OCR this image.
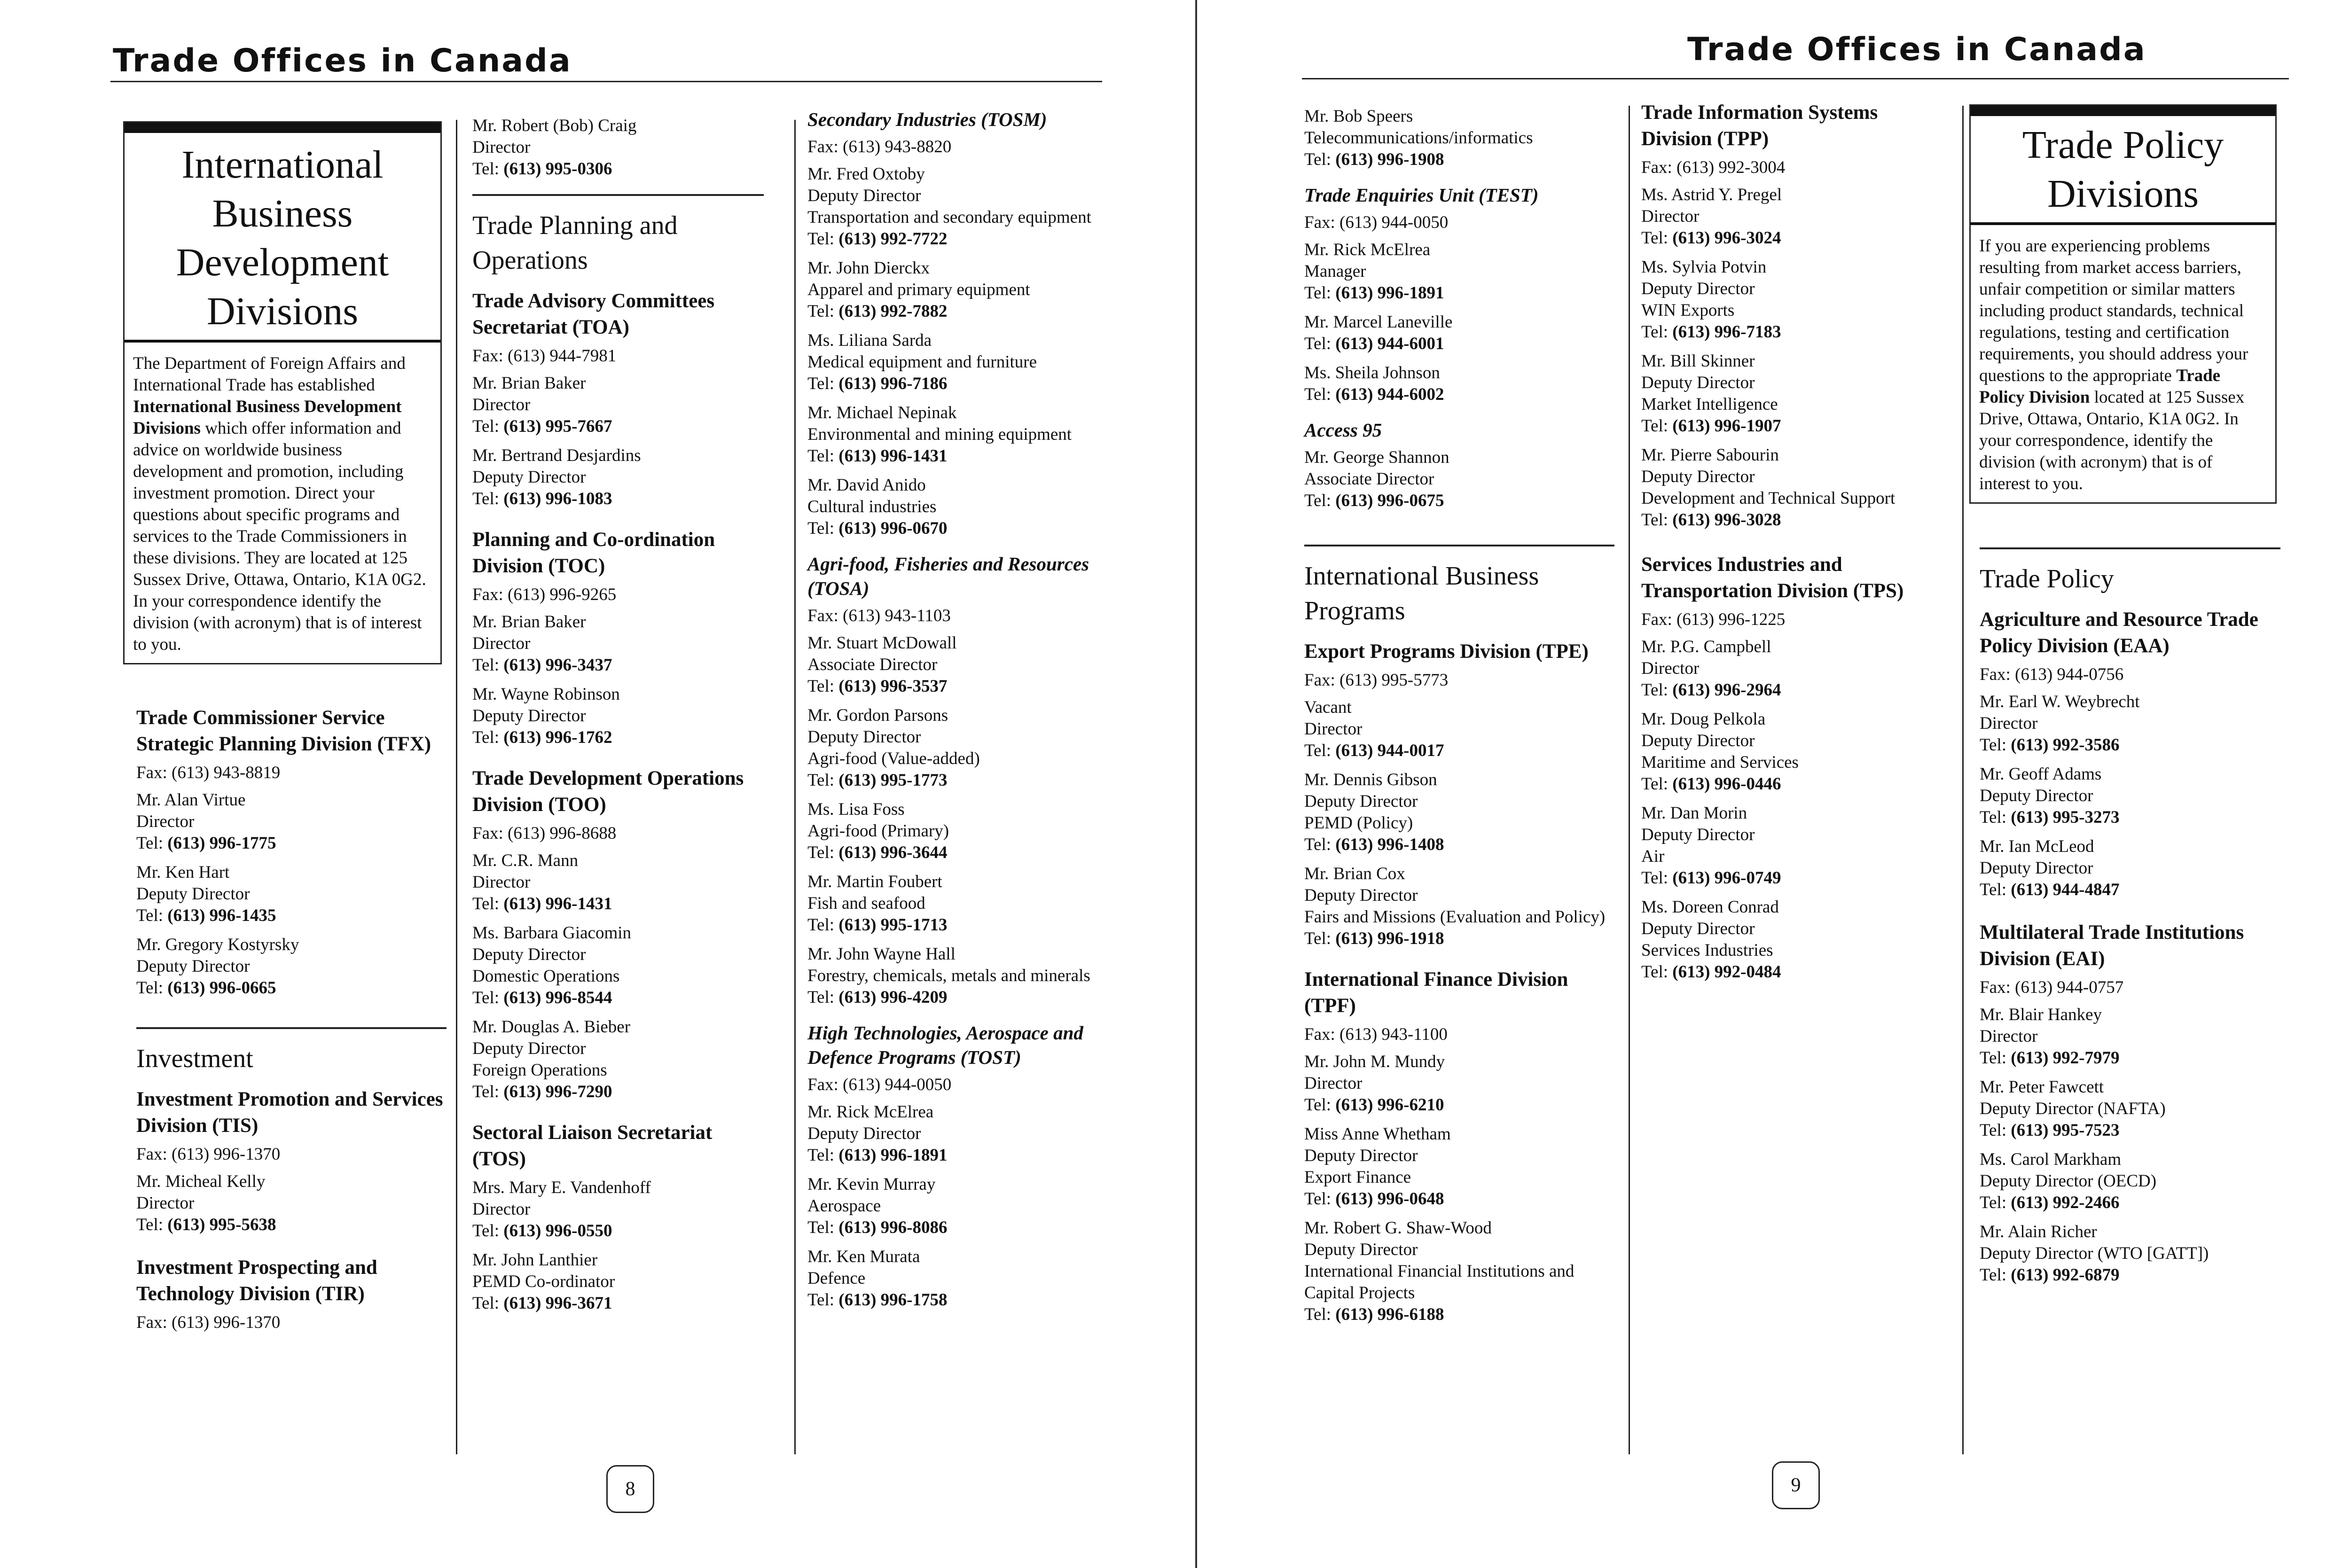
Trade Offices in Canada
International Business Development Divisions
The Department of Foreign Affairs and International Trade has established International Business Development Divisions which offer information and advice on worldwide business development and promotion, including investment promotion. Direct your questions about specific programs and services to the Trade Commissioners in these divisions. They are located at 125 Sussex Drive, Ottawa, Ontario, K1A 0G2. In your correspondence identify the division (with acronym) that is of interest to you.
Trade Commissioner Service Strategic Planning Division (TFX)
Fax: (613) 943-8819
Mr. Alan Virtue
Director
Tel: (613) 996-1775
Mr. Ken Hart
Deputy Director
Tel: (613) 996-1435
Mr. Gregory Kostyrsky
Deputy Director
Tel: (613) 996-0665
Investment
Investment Promotion and Services Division (TIS)
Fax: (613) 996-1370
Mr. Micheal Kelly
Director
Tel: (613) 995-5638
Investment Prospecting and Technology Division (TIR)
Fax: (613) 996-1370
Mr. Robert (Bob) Craig
Director
Tel: (613) 995-0306
Trade Planning and Operations
Trade Advisory Committees Secretariat (TOA)
Fax: (613) 944-7981
Mr. Brian Baker
Director
Tel: (613) 995-7667
Mr. Bertrand Desjardins
Deputy Director
Tel: (613) 996-1083
Planning and Co-ordination Division (TOC)
Fax: (613) 996-9265
Mr. Brian Baker
Director
Tel: (613) 996-3437
Mr. Wayne Robinson
Deputy Director
Tel: (613) 996-1762
Trade Development Operations Division (TOO)
Fax: (613) 996-8688
Mr. C.R. Mann
Director
Tel: (613) 996-1431
Ms. Barbara Giacomin
Deputy Director
Domestic Operations
Tel: (613) 996-8544
Mr. Douglas A. Bieber
Deputy Director
Foreign Operations
Tel: (613) 996-7290
Sectoral Liaison Secretariat (TOS)
Mrs. Mary E. Vandenhoff
Director
Tel: (613) 996-0550
Mr. John Lanthier
PEMD Co-ordinator
Tel: (613) 996-3671
Secondary Industries (TOSM)
Fax: (613) 943-8820
Mr. Fred Oxtoby
Deputy Director
Transportation and secondary equipment
Tel: (613) 992-7722
Mr. John Dierckx
Apparel and primary equipment
Tel: (613) 992-7882
Ms. Liliana Sarda
Medical equipment and furniture
Tel: (613) 996-7186
Mr. Michael Nepinak
Environmental and mining equipment
Tel: (613) 996-1431
Mr. David Anido
Cultural industries
Tel: (613) 996-0670
Agri-food, Fisheries and Resources (TOSA)
Fax: (613) 943-1103
Mr. Stuart McDowall
Associate Director
Tel: (613) 996-3537
Mr. Gordon Parsons
Deputy Director
Agri-food (Value-added)
Tel: (613) 995-1773
Ms. Lisa Foss
Agri-food (Primary)
Tel: (613) 996-3644
Mr. Martin Foubert
Fish and seafood
Tel: (613) 995-1713
Mr. John Wayne Hall
Forestry, chemicals, metals and minerals
Tel: (613) 996-4209
High Technologies, Aerospace and Defence Programs (TOST)
Fax: (613) 944-0050
Mr. Rick McElrea
Deputy Director
Tel: (613) 996-1891
Mr. Kevin Murray
Aerospace
Tel: (613) 996-8086
Mr. Ken Murata
Defence
Tel: (613) 996-1758
8
Trade Offices in Canada
Mr. Bob Speers
Telecommunications/informatics
Tel: (613) 996-1908
Trade Enquiries Unit (TEST)
Fax: (613) 944-0050
Mr. Rick McElrea
Manager
Tel: (613) 996-1891
Mr. Marcel Laneville
Tel: (613) 944-6001
Ms. Sheila Johnson
Tel: (613) 944-6002
Access 95
Mr. George Shannon
Associate Director
Tel: (613) 996-0675
International Business Programs
Export Programs Division (TPE)
Fax: (613) 995-5773
Vacant
Director
Tel: (613) 944-0017
Mr. Dennis Gibson
Deputy Director
PEMD (Policy)
Tel: (613) 996-1408
Mr. Brian Cox
Deputy Director
Fairs and Missions (Evaluation and Policy)
Tel: (613) 996-1918
International Finance Division (TPF)
Fax: (613) 943-1100
Mr. John M. Mundy
Director
Tel: (613) 996-6210
Miss Anne Whetham
Deputy Director
Export Finance
Tel: (613) 996-0648
Mr. Robert G. Shaw-Wood
Deputy Director
International Financial Institutions and Capital Projects
Tel: (613) 996-6188
Trade Information Systems Division (TPP)
Fax: (613) 992-3004
Ms. Astrid Y. Pregel
Director
Tel: (613) 996-3024
Ms. Sylvia Potvin
Deputy Director
WIN Exports
Tel: (613) 996-7183
Mr. Bill Skinner
Deputy Director
Market Intelligence
Tel: (613) 996-1907
Mr. Pierre Sabourin
Deputy Director
Development and Technical Support
Tel: (613) 996-3028
Services Industries and Transportation Division (TPS)
Fax: (613) 996-1225
Mr. P.G. Campbell
Director
Tel: (613) 996-2964
Mr. Doug Pelkola
Deputy Director
Maritime and Services
Tel: (613) 996-0446
Mr. Dan Morin
Deputy Director
Air
Tel: (613) 996-0749
Ms. Doreen Conrad
Deputy Director
Services Industries
Tel: (613) 992-0484
Trade Policy Divisions
If you are experiencing problems resulting from market access barriers, unfair competition or similar matters including product standards, technical regulations, testing and certification requirements, you should address your questions to the appropriate Trade Policy Division located at 125 Sussex Drive, Ottawa, Ontario, K1A 0G2. In your correspondence, identify the division (with acronym) that is of interest to you.
Trade Policy
Agriculture and Resource Trade Policy Division (EAA)
Fax: (613) 944-0756
Mr. Earl W. Weybrecht
Director
Tel: (613) 992-3586
Mr. Geoff Adams
Deputy Director
Tel: (613) 995-3273
Mr. Ian McLeod
Deputy Director
Tel: (613) 944-4847
Multilateral Trade Institutions Division (EAI)
Fax: (613) 944-0757
Mr. Blair Hankey
Director
Tel: (613) 992-7979
Mr. Peter Fawcett
Deputy Director (NAFTA)
Tel: (613) 995-7523
Ms. Carol Markham
Deputy Director (OECD)
Tel: (613) 992-2466
Mr. Alain Richer
Deputy Director (WTO [GATT])
Tel: (613) 992-6879
9
